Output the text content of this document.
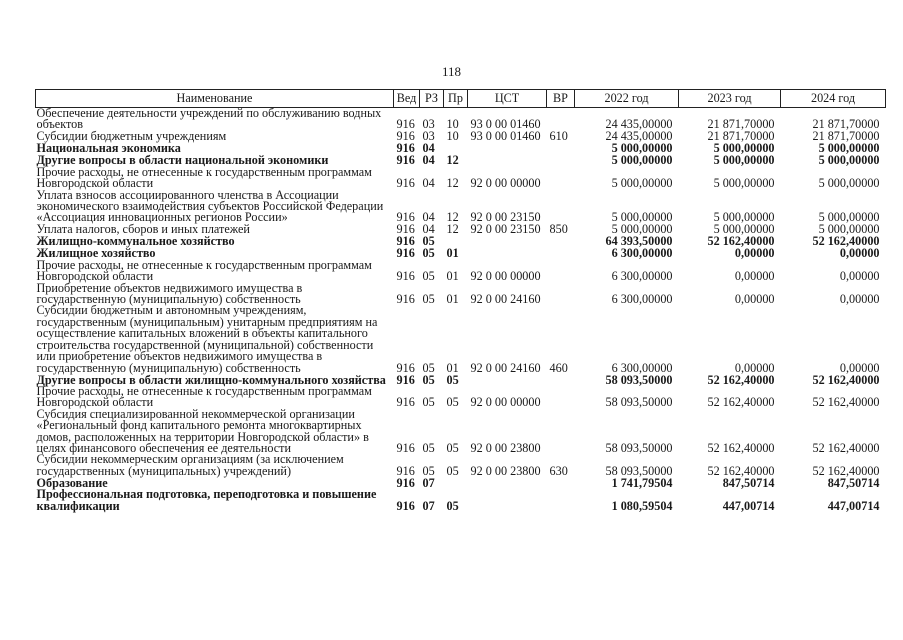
118
Наименование	Вед	РЗ	Пр	ЦСТ	ВР	2022 год	2023 год	2024 год
Обеспечение деятельности учреждений по обслуживанию водных объектов	916	03	10	93 0 00 01460		24 435,00000	21 871,70000	21 871,70000
Субсидии бюджетным учреждениям	916	03	10	93 0 00 01460	610	24 435,00000	21 871,70000	21 871,70000
Национальная экономика	916	04				5 000,00000	5 000,00000	5 000,00000
Другие вопросы в области национальной экономики	916	04	12			5 000,00000	5 000,00000	5 000,00000
Прочие расходы, не отнесенные к государственным программам Новгородской области	916	04	12	92 0 00 00000		5 000,00000	5 000,00000	5 000,00000
Уплата взносов ассоциированного членства в Ассоциации экономического взаимодействия субъектов Российской Федерации «Ассоциация инновационных регионов России»	916	04	12	92 0 00 23150		5 000,00000	5 000,00000	5 000,00000
Уплата налогов, сборов и иных платежей	916	04	12	92 0 00 23150	850	5 000,00000	5 000,00000	5 000,00000
Жилищно-коммунальное хозяйство	916	05				64 393,50000	52 162,40000	52 162,40000
Жилищное хозяйство	916	05	01			6 300,00000	0,00000	0,00000
Прочие расходы, не отнесенные к государственным программам Новгородской области	916	05	01	92 0 00 00000		6 300,00000	0,00000	0,00000
Приобретение объектов недвижимого имущества в государственную (муниципальную) собственность	916	05	01	92 0 00 24160		6 300,00000	0,00000	0,00000
Субсидии бюджетным и автономным учреждениям, государственным (муниципальным) унитарным предприятиям на осуществление капитальных вложений в объекты капитального строительства государственной (муниципальной) собственности или приобретение объектов недвижимого имущества в государственную (муниципальную) собственность	916	05	01	92 0 00 24160	460	6 300,00000	0,00000	0,00000
Другие вопросы в области жилищно-коммунального хозяйства	916	05	05			58 093,50000	52 162,40000	52 162,40000
Прочие расходы, не отнесенные к государственным программам Новгородской области	916	05	05	92 0 00 00000		58 093,50000	52 162,40000	52 162,40000
Субсидия специализированной некоммерческой организации «Региональный фонд капитального ремонта многоквартирных домов, расположенных на территории Новгородской области» в целях финансового обеспечения ее деятельности	916	05	05	92 0 00 23800		58 093,50000	52 162,40000	52 162,40000
Субсидии некоммерческим организациям (за исключением государственных (муниципальных) учреждений)	916	05	05	92 0 00 23800	630	58 093,50000	52 162,40000	52 162,40000
Образование	916	07				1 741,79504	847,50714	847,50714
Профессиональная подготовка, переподготовка и повышение квалификации	916	07	05			1 080,59504	447,00714	447,00714
